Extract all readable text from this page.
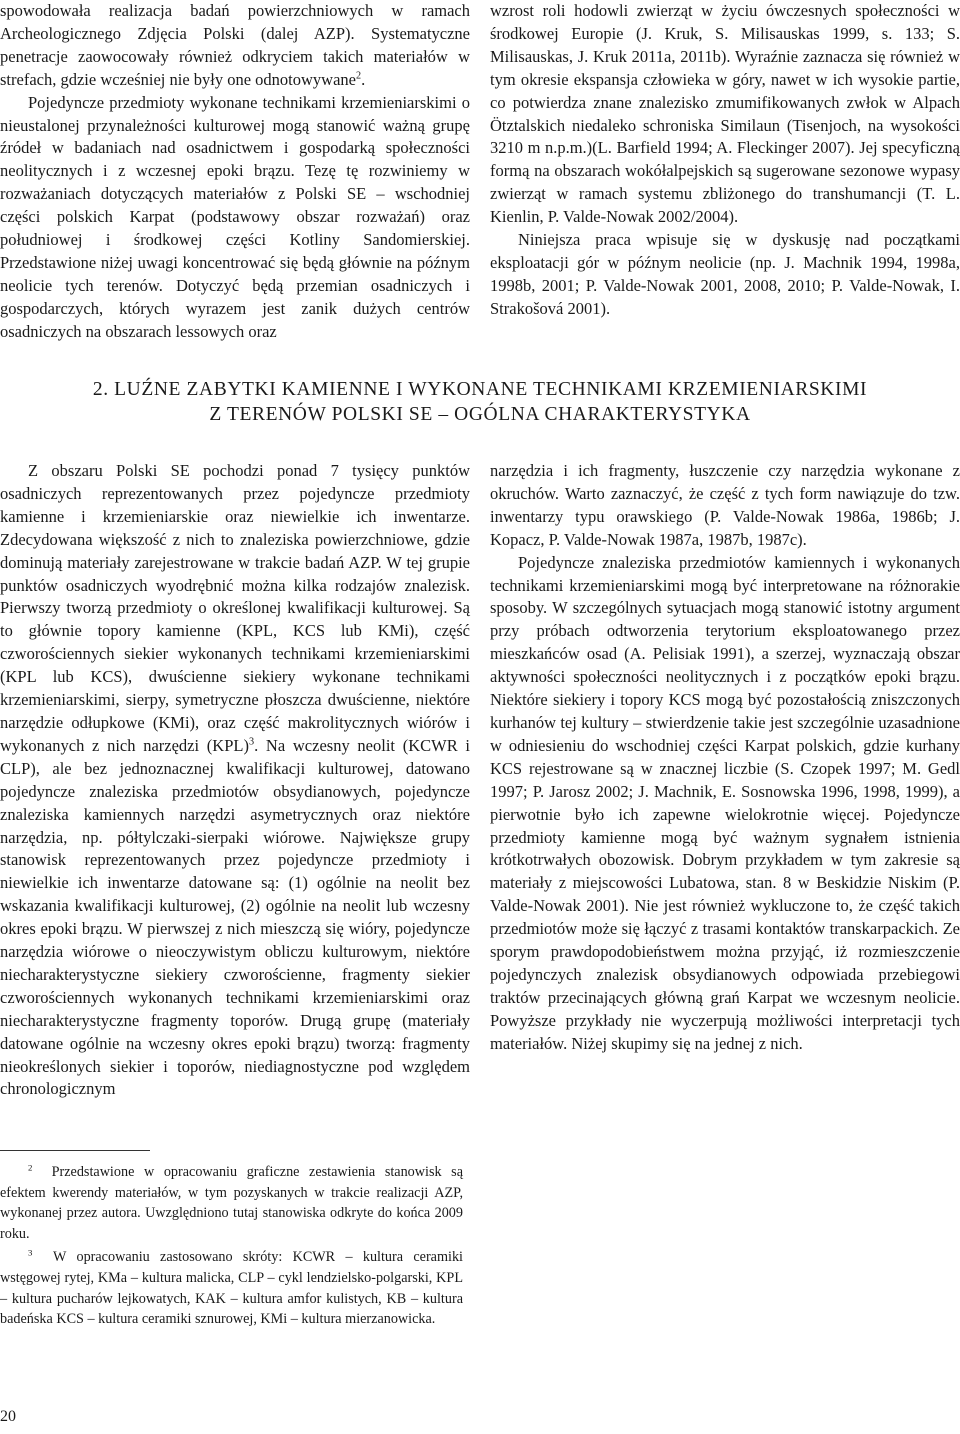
spowodowała realizacja badań powierzchniowych w ramach Archeologicznego Zdjęcia Polski (dalej AZP). Systematyczne penetracje zaowocowały również odkryciem takich materiałów w strefach, gdzie wcześniej nie były one odnotowywane$^2$.

Pojedyncze przedmioty wykonane technikami krzemieniarskimi o nieustalonej przynależności kulturowej mogą stanowić ważną grupę źródeł w badaniach nad osadnictwem i gospodarką społeczności neolitycznych i z wczesnej epoki brązu. Tezę tę rozwiniemy w rozważaniach dotyczących materiałów z Polski SE – wschodniej części polskich Karpat (podstawowy obszar rozważań) oraz południowej i środkowej części Kotliny Sandomierskiej. Przedstawione niżej uwagi koncentrować się będą głównie na późnym neolicie tych terenów. Dotyczyć będą przemian osadniczych i gospodarczych, których wyrazem jest zanik dużych centrów osadniczych na obszarach lessowych oraz

wzrost roli hodowli zwierząt w życiu ówczesnych społeczności w środkowej Europie (J. Kruk, S. Milisauskas 1999, s. 133; S. Milisauskas, J. Kruk 2011a, 2011b). Wyraźnie zaznacza się również w tym okresie ekspansja człowieka w góry, nawet w ich wysokie partie, co potwierdza znane znalezisko zmumifikowanych zwłok w Alpach Ötztalskich niedaleko schroniska Similaun (Tisenjoch, na wysokości 3210 m n.p.m.)(L. Barfield 1994; A. Fleckinger 2007). Jej specyficzną formą na obszarach wokółalpejskich są sugerowane sezonowe wypasy zwierząt w ramach systemu zbliżonego do transhumancji (T. L. Kienlin, P. Valde-Nowak 2002/2004).

Niniejsza praca wpisuje się w dyskusję nad początkami eksploatacji gór w późnym neolicie (np. J. Machnik 1994, 1998a, 1998b, 2001; P. Valde-Nowak 2001, 2008, 2010; P. Valde-Nowak, I. Strakošová 2001).

2. LUŹNE ZABYTKI KAMIENNE I WYKONANE TECHNIKAMI KRZEMIENIARSKIMI
Z TERENÓW POLSKI SE – OGÓLNA CHARAKTERYSTYKA

Z obszaru Polski SE pochodzi ponad 7 tysięcy punktów osadniczych reprezentowanych przez pojedyncze przedmioty kamienne i krzemieniarskie oraz niewielkie ich inwentarze. Zdecydowana większość z nich to znaleziska powierzchniowe, gdzie dominują materiały zarejestrowane w trakcie badań AZP. W tej grupie punktów osadniczych wyodrębnić można kilka rodzajów znalezisk. Pierwszy tworzą przedmioty o określonej kwalifikacji kulturowej. Są to głównie topory kamienne (KPL, KCS lub KMi), część czworościennych siekier wykonanych technikami krzemieniarskimi (KPL lub KCS), dwuścienne siekiery wykonane technikami krzemieniarskimi, sierpy, symetryczne płoszcza dwuścienne, niektóre narzędzie odłupkowe (KMi), oraz część makrolitycznych wiórów i wykonanych z nich narzędzi (KPL)$^3$. Na wczesny neolit (KCWR i CLP), ale bez jednoznacznej kwalifikacji kulturowej, datowano pojedyncze znaleziska przedmiotów obsydianowych, pojedyncze znaleziska kamiennych narzędzi asymetrycznych oraz niektóre narzędzia, np. półtylczaki-sierpaki wiórowe. Największe grupy stanowisk reprezentowanych przez pojedyncze przedmioty i niewielkie ich inwentarze datowane są: (1) ogólnie na neolit bez wskazania kwalifikacji kulturowej, (2) ogólnie na neolit lub wczesny okres epoki brązu. W pierwszej z nich mieszczą się wióry, pojedyncze narzędzia wiórowe o nieoczywistym obliczu kulturowym, niektóre niecharakterystyczne siekiery czworościenne, fragmenty siekier czworościennych wykonanych technikami krzemieniarskimi oraz niecharakterystyczne fragmenty toporów. Drugą grupę (materiały datowane ogólnie na wczesny okres epoki brązu) tworzą: fragmenty nieokreślonych siekier i toporów, niediagnostyczne pod względem chronologicznym

narzędzia i ich fragmenty, łuszczenie czy narzędzia wykonane z okruchów. Warto zaznaczyć, że część z tych form nawiązuje do tzw. inwentarzy typu orawskiego (P. Valde-Nowak 1986a, 1986b; J. Kopacz, P. Valde-Nowak 1987a, 1987b, 1987c).

Pojedyncze znaleziska przedmiotów kamiennych i wykonanych technikami krzemieniarskimi mogą być interpretowane na różnorakie sposoby. W szczególnych sytuacjach mogą stanowić istotny argument przy próbach odtworzenia terytorium eksploatowanego przez mieszkańców osad (A. Pelisiak 1991), a szerzej, wyznaczają obszar aktywności społeczności neolitycznych i z początków epoki brązu. Niektóre siekiery i topory KCS mogą być pozostałością zniszczonych kurhanów tej kultury – stwierdzenie takie jest szczególnie uzasadnione w odniesieniu do wschodniej części Karpat polskich, gdzie kurhany KCS rejestrowane są w znacznej liczbie (S. Czopek 1997; M. Gedl 1997; P. Jarosz 2002; J. Machnik, E. Sosnowska 1996, 1998, 1999), a pierwotnie było ich zapewne wielokrotnie więcej. Pojedyncze przedmioty kamienne mogą być ważnym sygnałem istnienia krótkotrwałych obozowisk. Dobrym przykładem w tym zakresie są materiały z miejscowości Lubatowa, stan. 8 w Beskidzie Niskim (P. Valde-Nowak 2001). Nie jest również wykluczone to, że część takich przedmiotów może się łączyć z trasami kontaktów transkarpackich. Ze sporym prawdopodobieństwem można przyjąć, iż rozmieszczenie pojedynczych znalezisk obsydianowych odpowiada przebiegowi traktów przecinających główną grań Karpat we wczesnym neolicie. Powyższe przykłady nie wyczerpują możliwości interpretacji tych materiałów. Niżej skupimy się na jednej z nich.

$^2$ Przedstawione w opracowaniu graficzne zestawienia stanowisk są efektem kwerendy materiałów, w tym pozyskanych w trakcie realizacji AZP, wykonanej przez autora. Uwzględniono tutaj stanowiska odkryte do końca 2009 roku.

$^3$ W opracowaniu zastosowano skróty: KCWR – kultura ceramiki wstęgowej rytej, KMa – kultura malicka, CLP – cykl lendzielsko-polgarski, KPL – kultura pucharów lejkowatych, KAK – kultura amfor kulistych, KB – kultura badeńska KCS – kultura ceramiki sznurowej, KMi – kultura mierzanowicka.

20
